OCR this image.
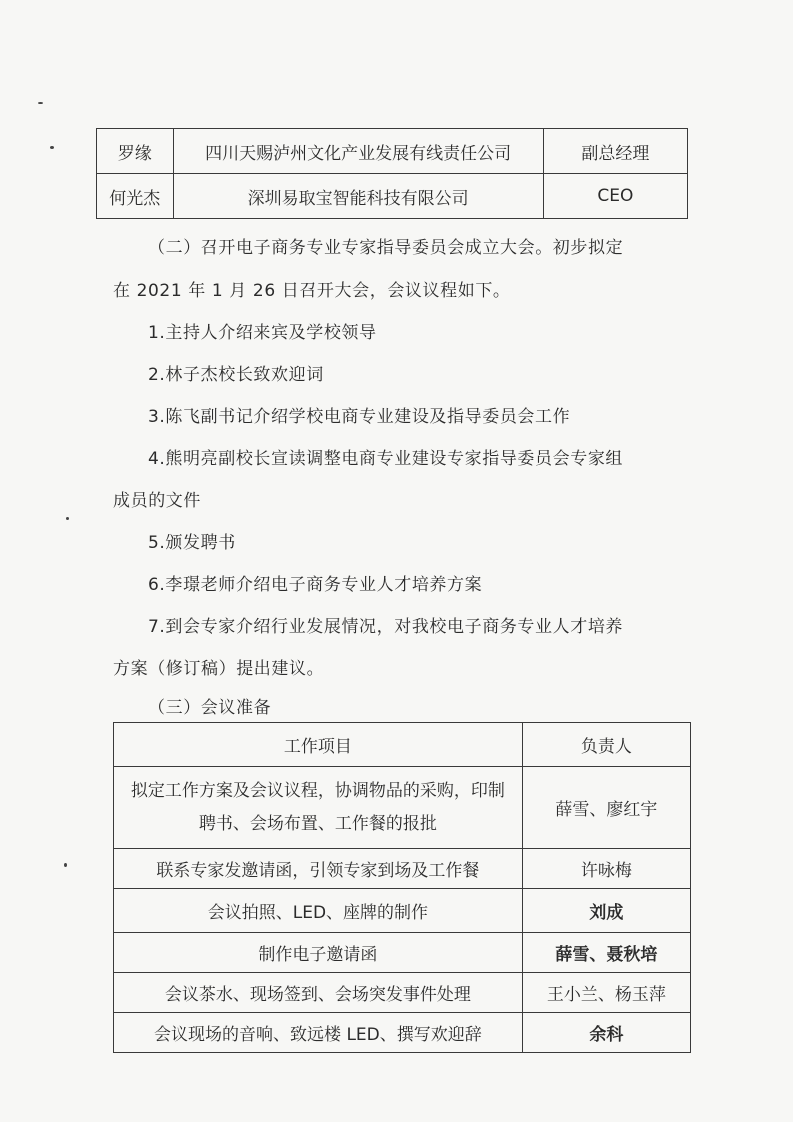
罗缘	四川天赐泸州文化产业发展有线责任公司	副总经理
何光杰	深圳易取宝智能科技有限公司	CEO
（二）召开电子商务专业专家指导委员会成立大会。初步拟定
在 2021 年 1 月 26 日召开大会，会议议程如下。
1.主持人介绍来宾及学校领导
2.林子杰校长致欢迎词
3.陈飞副书记介绍学校电商专业建设及指导委员会工作
4.熊明亮副校长宣读调整电商专业建设专家指导委员会专家组
成员的文件
5.颁发聘书
6.李璟老师介绍电子商务专业人才培养方案
7.到会专家介绍行业发展情况，对我校电子商务专业人才培养
方案（修订稿）提出建议。
（三）会议准备
工作项目	负责人

拟定工作方案及会议议程，协调物品的采购，印制
聘书、会场布置、工作餐的报批	薛雪、廖红宇
联系专家发邀请函，引领专家到场及工作餐	许咏梅
会议拍照、LED、座牌的制作	刘成
制作电子邀请函	薛雪、聂秋培
会议茶水、现场签到、会场突发事件处理	王小兰、杨玉萍
会议现场的音响、致远楼 LED、撰写欢迎辞	余科
